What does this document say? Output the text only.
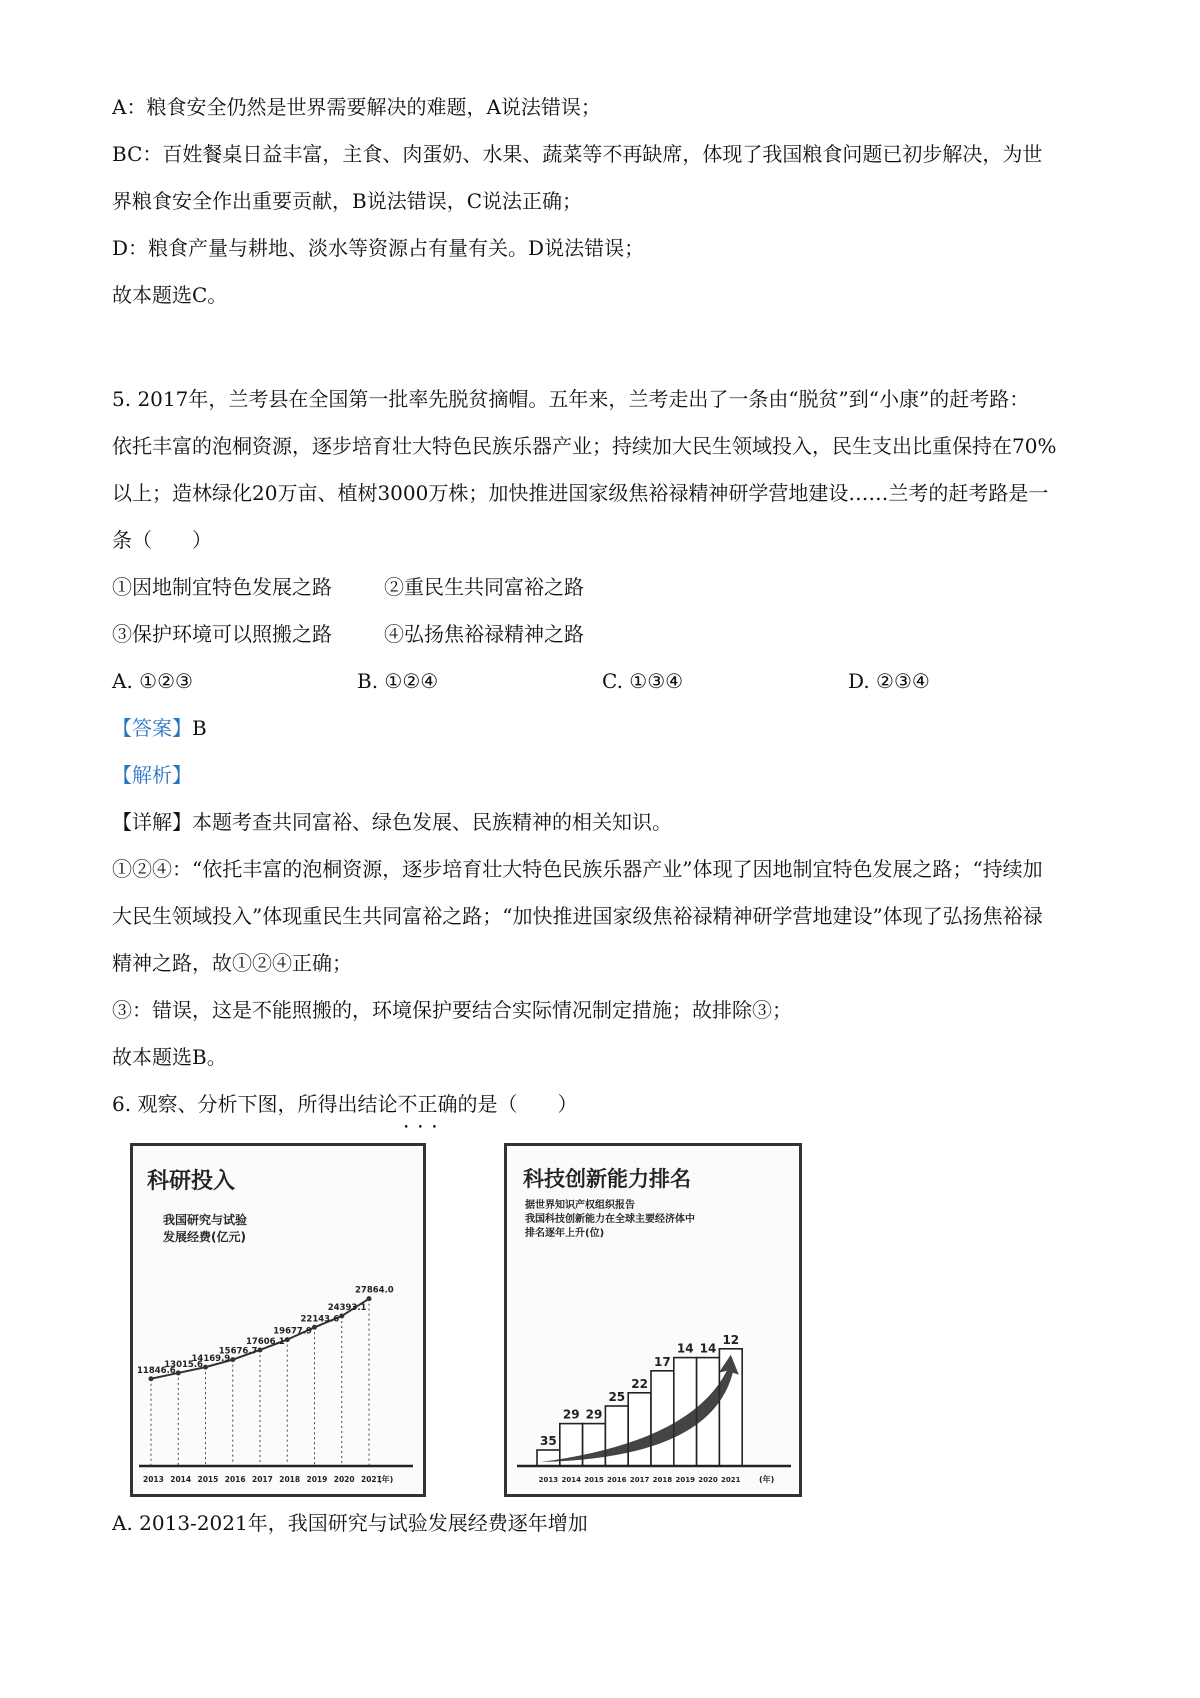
A：粮食安全仍然是世界需要解决的难题，A说法错误；
BC：百姓餐桌日益丰富，主食、肉蛋奶、水果、蔬菜等不再缺席，体现了我国粮食问题已初步解决，为世
界粮食安全作出重要贡献，B说法错误，C说法正确；
D：粮食产量与耕地、淡水等资源占有量有关。D说法错误；
故本题选C。
5. 2017年，兰考县在全国第一批率先脱贫摘帽。五年来，兰考走出了一条由“脱贫”到“小康”的赶考路：
依托丰富的泡桐资源，逐步培育壮大特色民族乐器产业；持续加大民生领域投入，民生支出比重保持在70%
以上；造林绿化20万亩、植树3000万株；加快推进国家级焦裕禄精神研学营地建设……兰考的赶考路是一
条（　　）
①因地制宜特色发展之路	②重民生共同富裕之路
③保护环境可以照搬之路	④弘扬焦裕禄精神之路
A. ①②③	B. ①②④	C. ①③④	D. ②③④
【答案】B
【解析】
【详解】本题考查共同富裕、绿色发展、民族精神的相关知识。
①②④：“依托丰富的泡桐资源，逐步培育壮大特色民族乐器产业”体现了因地制宜特色发展之路；“持续加
大民生领域投入”体现重民生共同富裕之路；“加快推进国家级焦裕禄精神研学营地建设”体现了弘扬焦裕禄
精神之路，故①②④正确；
③：错误，这是不能照搬的，环境保护要结合实际情况制定措施；故排除③；
故本题选B。
6. 观察、分析下图，所得出结论不正确 • • •的是（　　）
科研投入
我国研究与试验
发展经费(亿元)
11846.6
2013
13015.6
2014
14169.9
2015
15676.7
2016
17606.1
2017
19677.9
2018
22143.6
2019
24393.1
2020
27864.0
2021
(年)
科技创新能力排名
据世界知识产权组织报告
我国科技创新能力在全球主要经济体中
排名逐年上升(位)
35
2013
29
2014
29
2015
25
2016
22
2017
17
2018
14
2019
14
2020
12
2021 (年)
A. 2013-2021年，我国研究与试验发展经费逐年增加
